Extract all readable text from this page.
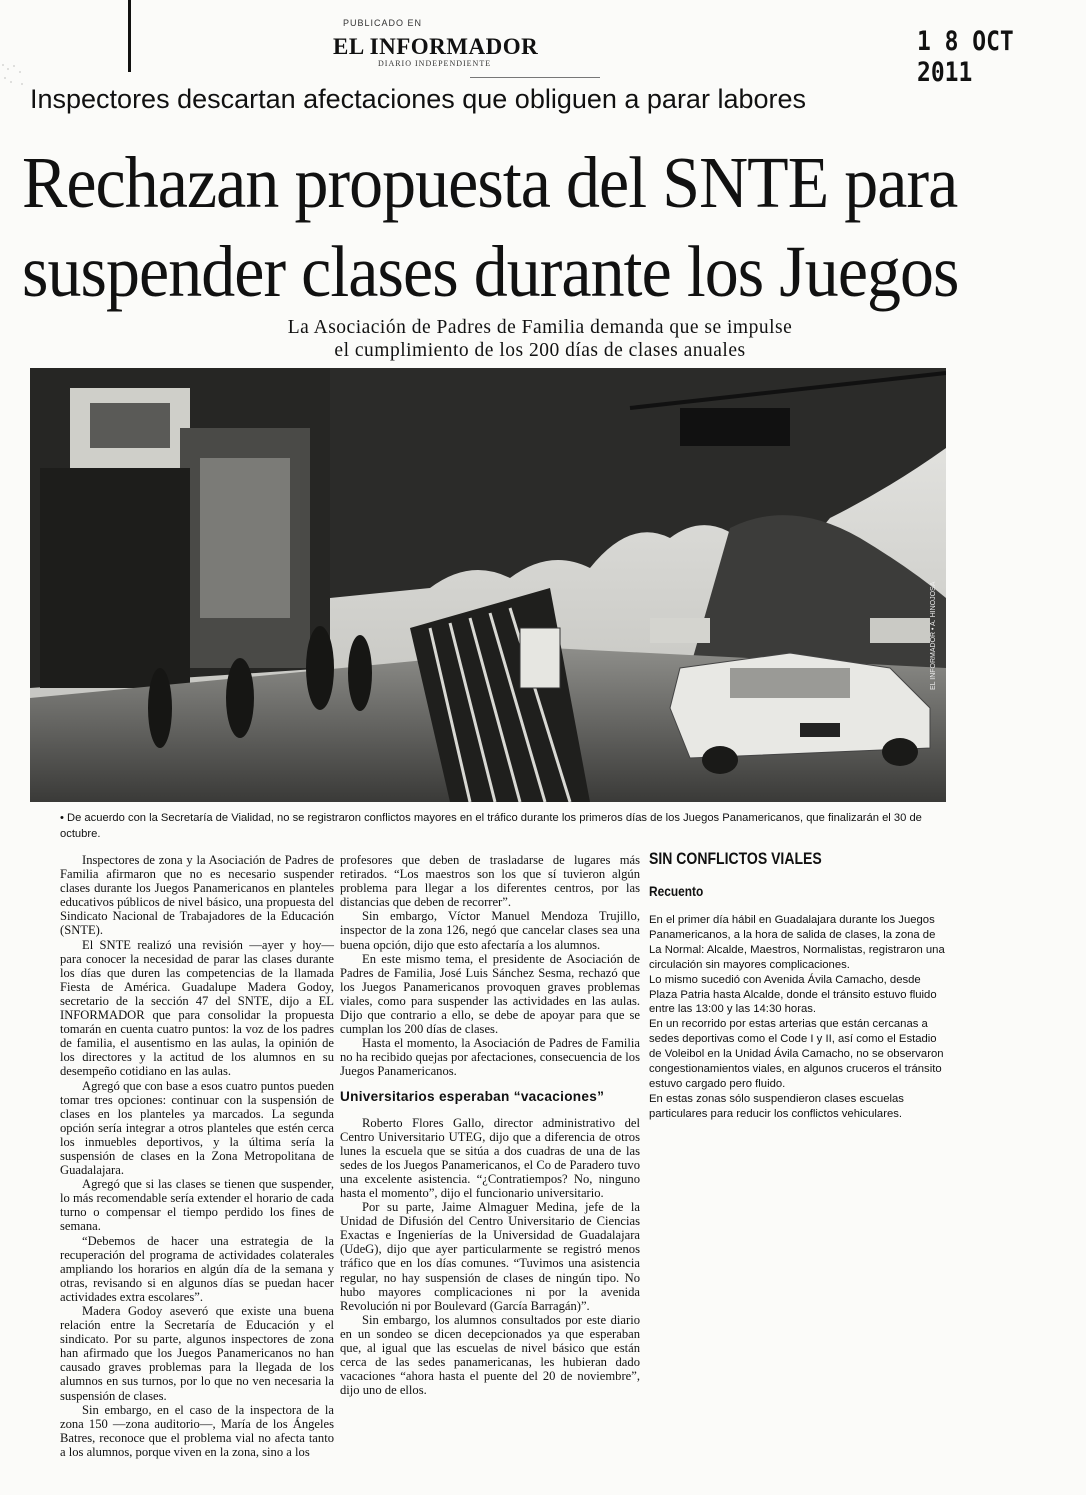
PUBLICADO EN
EL INFORMADOR
DIARIO INDEPENDIENTE
1 8 OCT 2011
Inspectores descartan afectaciones que obliguen a parar labores
Rechazan propuesta del SNTE para
suspender clases durante los Juegos
La Asociación de Padres de Familia demanda que se impulse
el cumplimiento de los 200 días de clases anuales
EL INFORMADOR • A. HINOJOSA
• De acuerdo con la Secretaría de Vialidad, no se registraron conflictos mayores en el tráfico durante los primeros días de los Juegos Panamericanos, que finalizarán el 30 de octubre.

Inspectores de zona y la Asociación de Padres de Familia afirmaron que no es necesario suspender clases durante los Juegos Panamericanos en planteles educativos públicos de nivel básico, una propuesta del Sindicato Nacional de Trabajadores de la Educación (SNTE).

El SNTE realizó una revisión —ayer y hoy— para conocer la necesidad de parar las clases durante los días que duren las competencias de la llamada Fiesta de América. Guadalupe Madera Godoy, secretario de la sección 47 del SNTE, dijo a EL INFORMADOR que para consolidar la propuesta tomarán en cuenta cuatro puntos: la voz de los padres de familia, el ausentismo en las aulas, la opinión de los directores y la actitud de los alumnos en su desempeño cotidiano en las aulas.

Agregó que con base a esos cuatro puntos pueden tomar tres opciones: continuar con la suspensión de clases en los planteles ya marcados. La segunda opción sería integrar a otros planteles que estén cerca los inmuebles deportivos, y la última sería la suspensión de clases en la Zona Metropolitana de Guadalajara.

Agregó que si las clases se tienen que suspender, lo más recomendable sería extender el horario de cada turno o compensar el tiempo perdido los fines de semana.

“Debemos de hacer una estrategia de la recuperación del programa de actividades colaterales ampliando los horarios en algún día de la semana y otras, revisando si en algunos días se puedan hacer actividades extra escolares”.

Madera Godoy aseveró que existe una buena relación entre la Secretaría de Educación y el sindicato. Por su parte, algunos inspectores de zona han afirmado que los Juegos Panamericanos no han causado graves problemas para la llegada de los alumnos en sus turnos, por lo que no ven necesaria la suspensión de clases.

Sin embargo, en el caso de la inspectora de la zona 150 —zona auditorio—, María de los Ángeles Batres, reconoce que el problema vial no afecta tanto a los alumnos, porque viven en la zona, sino a los

profesores que deben de trasladarse de lugares más retirados. “Los maestros son los que sí tuvieron algún problema para llegar a los diferentes centros, por las distancias que deben de recorrer”.

Sin embargo, Víctor Manuel Mendoza Trujillo, inspector de la zona 126, negó que cancelar clases sea una buena opción, dijo que esto afectaría a los alumnos.

En este mismo tema, el presidente de Asociación de Padres de Familia, José Luis Sánchez Sesma, rechazó que los Juegos Panamericanos provoquen graves problemas viales, como para suspender las actividades en las aulas. Dijo que contrario a ello, se debe de apoyar para que se cumplan los 200 días de clases.

Hasta el momento, la Asociación de Padres de Familia no ha recibido quejas por afectaciones, consecuencia de los Juegos Panamericanos.

Universitarios esperaban “vacaciones”

Roberto Flores Gallo, director administrativo del Centro Universitario UTEG, dijo que a diferencia de otros lunes la escuela que se sitúa a dos cuadras de una de las sedes de los Juegos Panamericanos, el Co de Paradero tuvo una excelente asistencia. “¿Contratiempos? No, ninguno hasta el momento”, dijo el funcionario universitario.

Por su parte, Jaime Almaguer Medina, jefe de la Unidad de Difusión del Centro Universitario de Ciencias Exactas e Ingenierías de la Universidad de Guadalajara (UdeG), dijo que ayer particularmente se registró menos tráfico que en los días comunes. “Tuvimos una asistencia regular, no hay suspensión de clases de ningún tipo. No hubo mayores complicaciones ni por la avenida Revolución ni por Boulevard (García Barragán)”.

Sin embargo, los alumnos consultados por este diario en un sondeo se dicen decepcionados ya que esperaban que, al igual que las escuelas de nivel básico que están cerca de las sedes panamericanas, les hubieran dado vacaciones “ahora hasta el puente del 20 de noviembre”, dijo uno de ellos.

SIN CONFLICTOS VIALES
Recuento

En el primer día hábil en Guadalajara durante los Juegos Panamericanos, a la hora de salida de clases, la zona de La Normal: Alcalde, Maestros, Normalistas, registraron una circulación sin mayores complicaciones.

Lo mismo sucedió con Avenida Ávila Camacho, desde Plaza Patria hasta Alcalde, donde el tránsito estuvo fluido entre las 13:00 y las 14:30 horas.

En un recorrido por estas arterias que están cercanas a sedes deportivas como el Code I y II, así como el Estadio de Voleibol en la Unidad Ávila Camacho, no se observaron congestionamientos viales, en algunos cruceros el tránsito estuvo cargado pero fluido.

En estas zonas sólo suspendieron clases escuelas particulares para reducir los conflictos vehiculares.
